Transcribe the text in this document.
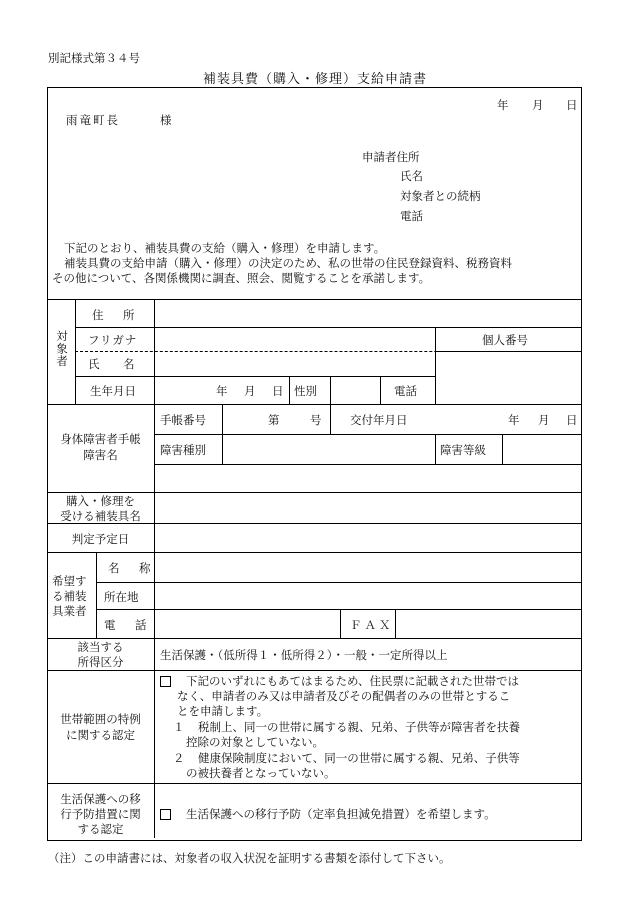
別記様式第３４号
補装具費（購入・修理）支給申請書
年 月 日
雨竜町長	様
申請者住所
氏名
対象者との続柄
電話
下記のとおり、補装具費の支給（購入・修理）を申請します。
補装具費の支給申請（購入・修理）の決定のため、私の世帯の住民登録資料、税務資料
その他について、各関係機関に調査、照会、閲覧することを承諾します。
対象者
住　所
フリガナ
氏　名
個人番号
生年月日	年 月 日 性別	電話
身体障害者手帳
障害名
手帳番号	第	号 交付年月日	年 月 日
障害種別	障害等級
購入・修理を
受ける補装具名
判定予定日
希望す
る補装
具業者
名　称
所在地
電　話	ＦＡＸ
該当する
所得区分	生活保護・（低所得１・低所得２）・一般・一定所得以上
世帯範囲の特例
に関する認定
下記のいずれにもあてはまるため、住民票に記載された世帯では
なく、申請者のみ又は申請者及びその配偶者のみの世帯とするこ
とを申請します。
１ 税制上、同一の世帯に属する親、兄弟、子供等が障害者を扶養
控除の対象としていない。
２ 健康保険制度において、同一の世帯に属する親、兄弟、子供等
の被扶養者となっていない。
生活保護への移
行予防措置に関
する認定
生活保護への移行予防（定率負担減免措置）を希望します。
（注）この申請書には、対象者の収入状況を証明する書類を添付して下さい。
